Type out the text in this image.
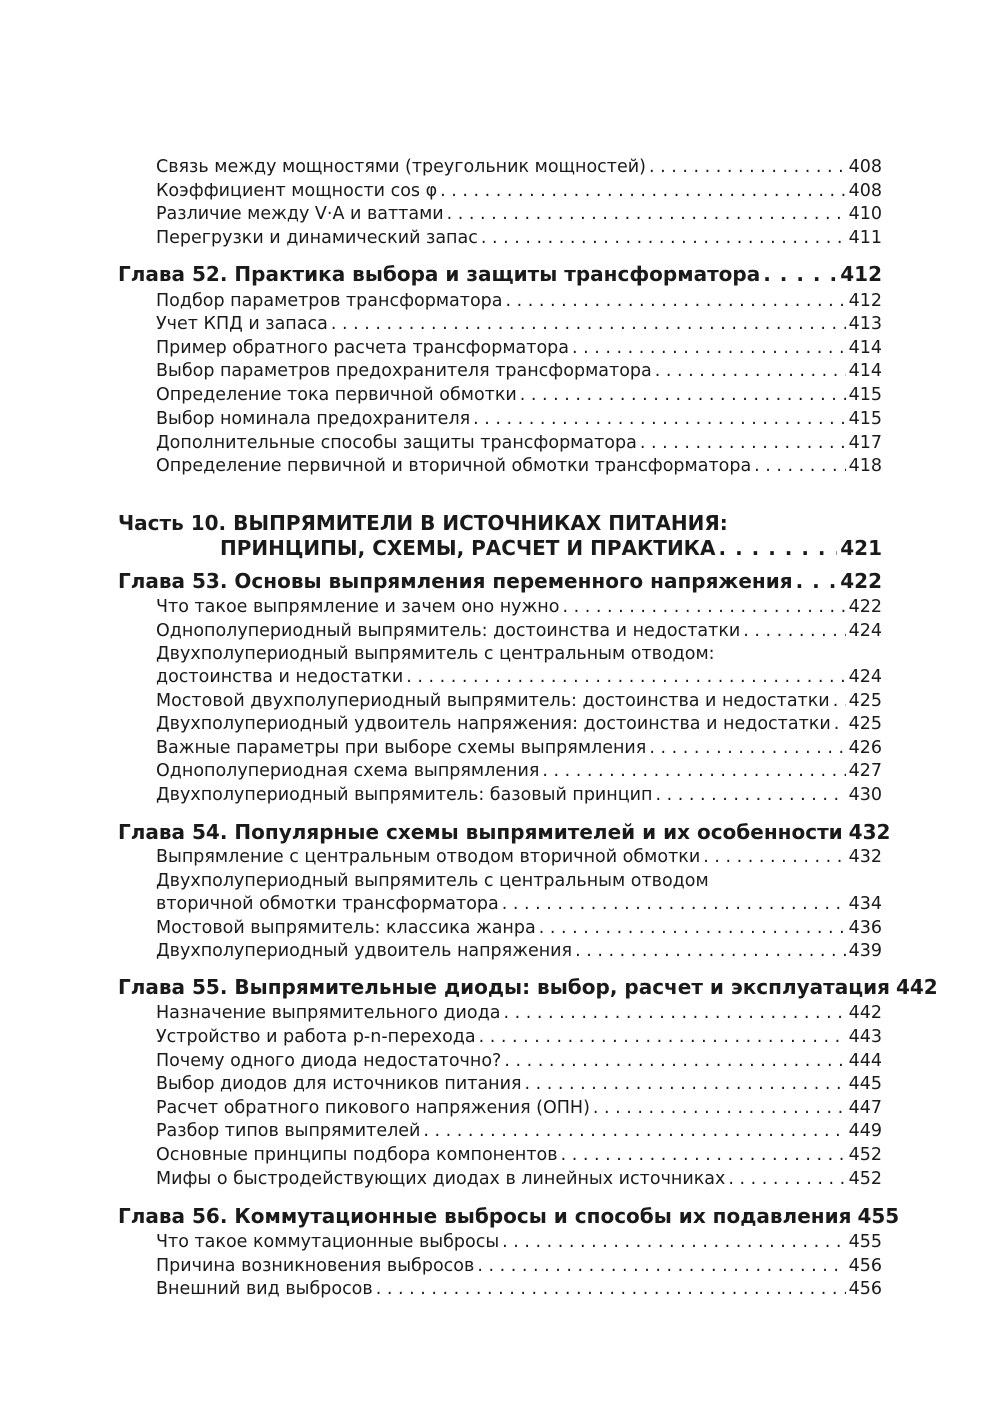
Связь между мощностями (треугольник мощностей) . . .	408
Коэффициент мощности cos φ . . .	408
Различие между V·A и ваттами . . .	410
Перегрузки и динамический запас . . .	411
Глава 52. Практика выбора и защиты трансформатора . . .	412
Подбор параметров трансформатора . . .	412
Учет КПД и запаса . . .	413
Пример обратного расчета трансформатора . . .	414
Выбор параметров предохранителя трансформатора . . .	414
Определение тока первичной обмотки . . .	415
Выбор номинала предохранителя . . .	415
Дополнительные способы защиты трансформатора . . .	417
Определение первичной и вторичной обмотки трансформатора . . .	418
Часть 10. ВЫПРЯМИТЕЛИ В ИСТОЧНИКАХ ПИТАНИЯ:
ПРИНЦИПЫ, СХЕМЫ, РАСЧЕТ И ПРАКТИКА . . .	421
Глава 53. Основы выпрямления переменного напряжения . . . 422
Что такое выпрямление и зачем оно нужно . . .	422
Однополупериодный выпрямитель: достоинства и недостатки . . .	424
Двухполупериодный выпрямитель с центральным отводом:
достоинства и недостатки . . .	424
Мостовой двухполупериодный выпрямитель: достоинства и недостатки . . . 425
Двухполупериодный удвоитель напряжения: достоинства и недостатки . . . 425
Важные параметры при выборе схемы выпрямления . . .	426
Однополупериодная схема выпрямления . . .	427
Двухполупериодный выпрямитель: базовый принцип . . .	430
Глава 54. Популярные схемы выпрямителей и их особенности 432
Выпрямление с центральным отводом вторичной обмотки . . .	432
Двухполупериодный выпрямитель с центральным отводом
вторичной обмотки трансформатора . . .	434
Мостовой выпрямитель: классика жанра . . .	436
Двухполупериодный удвоитель напряжения . . .	439
Глава 55. Выпрямительные диоды: выбор, расчет и эксплуатация 442
Назначение выпрямительного диода . . .	442
Устройство и работа p-n-перехода . . .	443
Почему одного диода недостаточно? . . .	444
Выбор диодов для источников питания . . .	445
Расчет обратного пикового напряжения (ОПН) . . .	447
Разбор типов выпрямителей . . .	449
Основные принципы подбора компонентов . . .	452
Мифы о быстродействующих диодах в линейных источниках . . .	452
Глава 56. Коммутационные выбросы и способы их подавления 455
Что такое коммутационные выбросы . . .	455
Причина возникновения выбросов . . .	456
Внешний вид выбросов . . .	456
